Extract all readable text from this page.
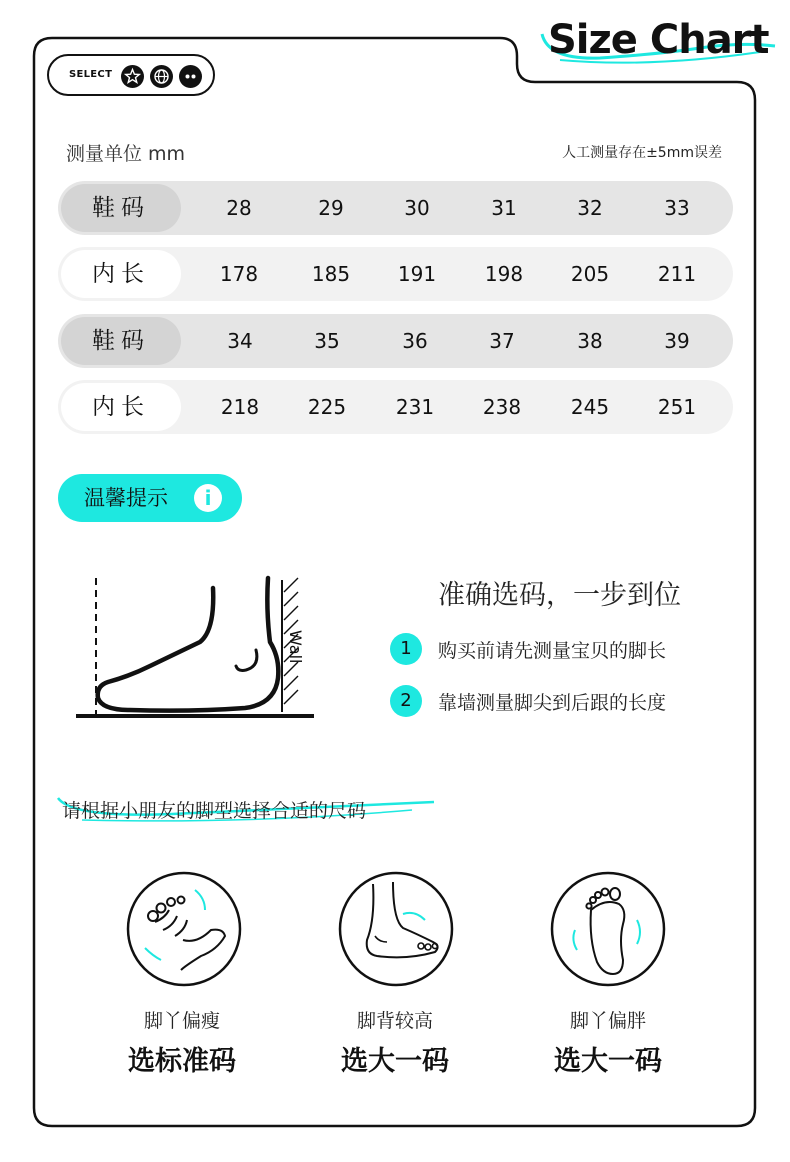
SELECT
Size Chart
测量单位 mm	人工测量存在±5mm误差
鞋码	28	29	30	31	32	33
内长	178	185	191	198	205	211
鞋码	34	35	36	37	38	39
内长	218	225	231	238	245	251
温馨提示	i
Wall
准确选码，一步到位
1	购买前请先测量宝贝的脚长
2	靠墙测量脚尖到后跟的长度
请根据小朋友的脚型选择合适的尺码
脚丫偏瘦
选标准码
脚背较高
选大一码
脚丫偏胖
选大一码
